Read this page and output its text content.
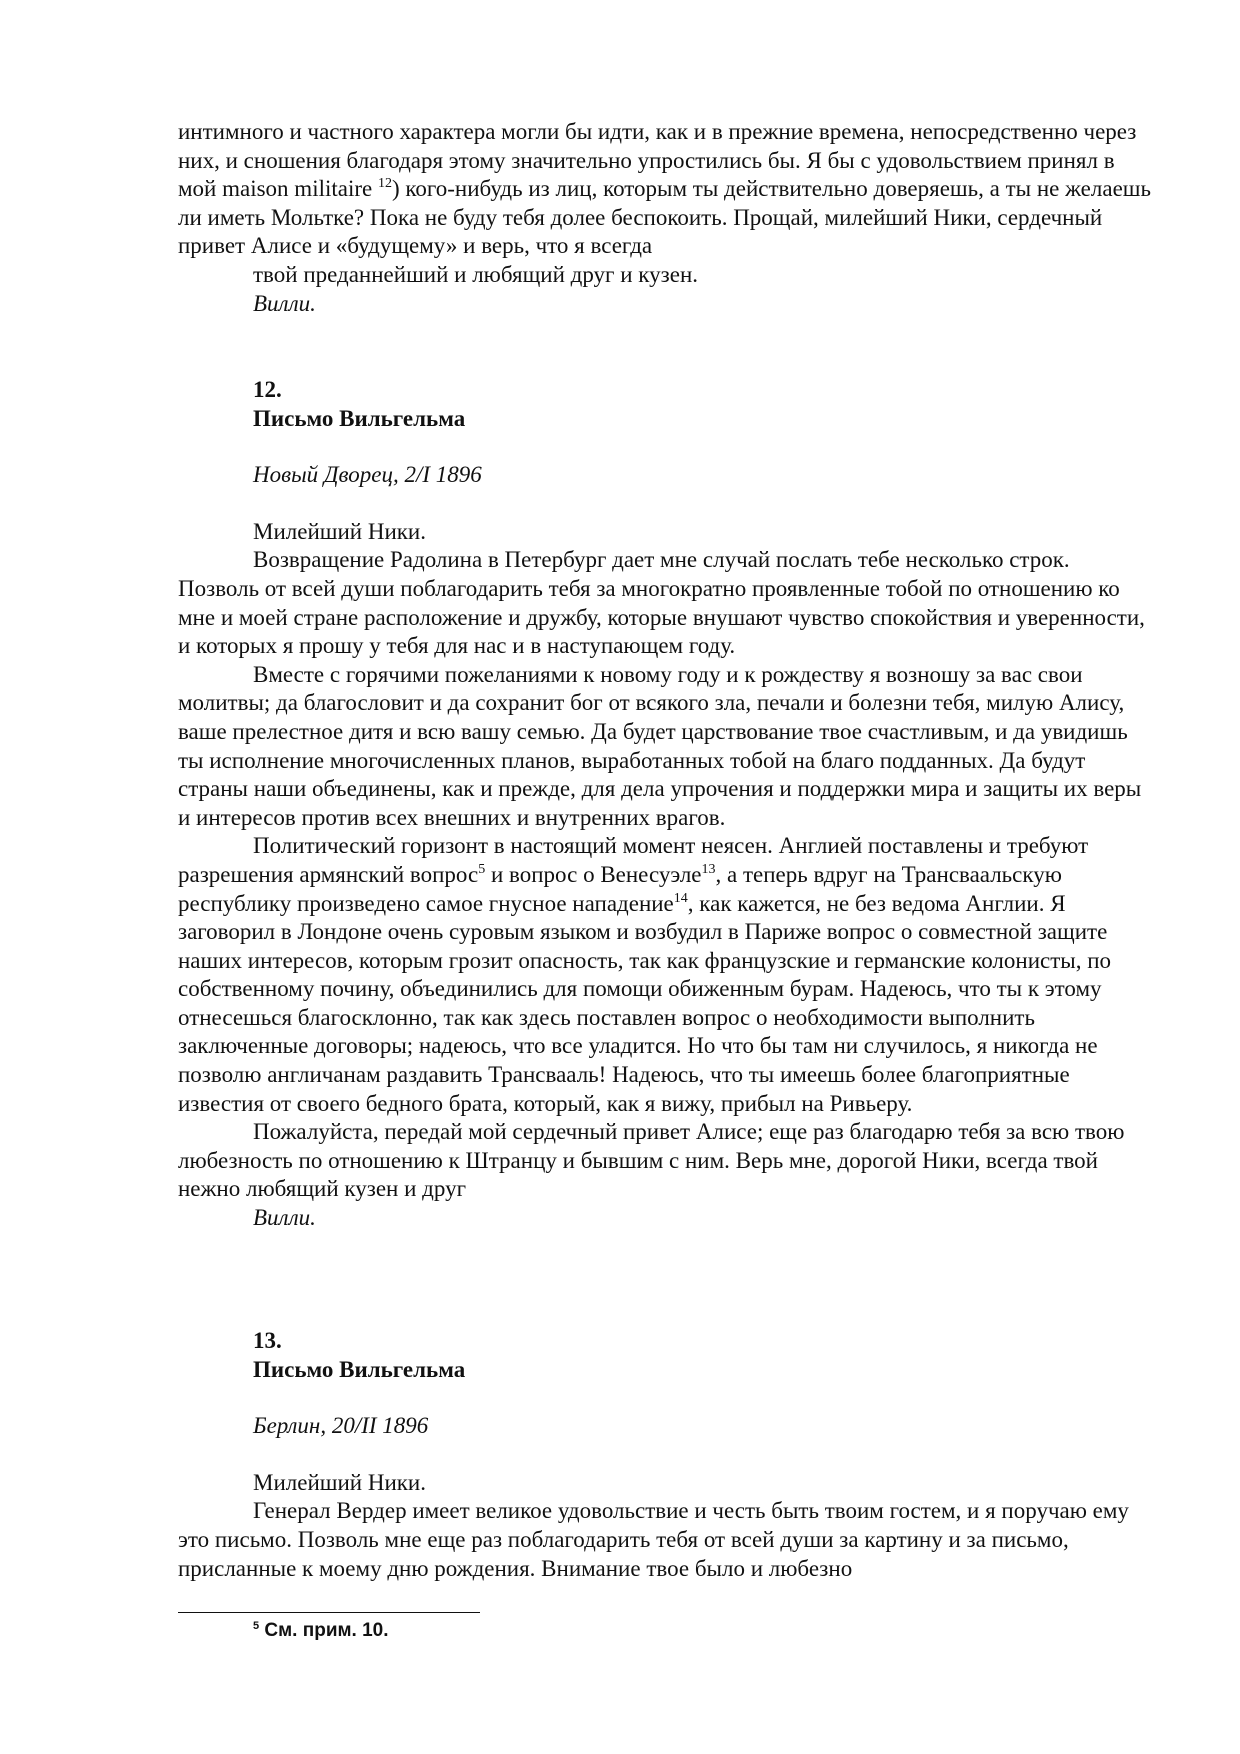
интимного и частного характера могли бы идти, как и в прежние времена, непосредственно через них, и сношения благодаря этому значительно упростились бы. Я бы с удовольствием принял в мой maison militaire $^{12}$) кого-нибудь из лиц, которым ты действительно доверяешь, а ты не желаешь ли иметь Мольтке? Пока не буду тебя долее беспокоить. Прощай, милейший Ники, сердечный привет Алисе и «будущему» и верь, что я всегда

твой преданнейший и любящий друг и кузен.

Вилли.

12.

Письмо Вильгельма

Новый Дворец, 2/I 1896

Милейший Ники.

Возвращение Радолина в Петербург дает мне случай послать тебе несколько строк. Позволь от всей души поблагодарить тебя за многократно проявленные тобой по отношению ко мне и моей стране расположение и дружбу, которые внушают чувство спокойствия и уверенности, и которых я прошу у тебя для нас и в наступающем году.

Вместе с горячими пожеланиями к новому году и к рождеству я возношу за вас свои молитвы; да благословит и да сохранит бог от всякого зла, печали и болезни тебя, милую Алису, ваше прелестное дитя и всю вашу семью. Да будет царствование твое счастливым, и да увидишь ты исполнение многочисленных планов, выработанных тобой на благо подданных. Да будут страны наши объединены, как и прежде, для дела упрочения и поддержки мира и защиты их веры и интересов против всех внешних и внутренних врагов.

Политический горизонт в настоящий момент неясен. Англией поставлены и требуют разрешения армянский вопрос$^5$ и вопрос о Венесуэле$^{13}$, а теперь вдруг на Трансваальскую республику произведено самое гнусное нападение$^{14}$, как кажется, не без ведома Англии. Я заговорил в Лондоне очень суровым языком и возбудил в Париже вопрос о совместной защите наших интересов, которым грозит опасность, так как французские и германские колонисты, по собственному почину, объединились для помощи обиженным бурам. Надеюсь, что ты к этому отнесешься благосклонно, так как здесь поставлен вопрос о необходимости выполнить заключенные договоры; надеюсь, что все уладится. Но что бы там ни случилось, я никогда не позволю англичанам раздавить Трансвааль! Надеюсь, что ты имеешь более благоприятные известия от своего бедного брата, который, как я вижу, прибыл на Ривьеру.

Пожалуйста, передай мой сердечный привет Алисе; еще раз благодарю тебя за всю твою любезность по отношению к Штранцу и бывшим с ним. Верь мне, дорогой Ники, всегда твой нежно любящий кузен и друг

Вилли.

13.

Письмо Вильгельма

Берлин, 20/II 1896

Милейший Ники.

Генерал Вердер имеет великое удовольствие и честь быть твоим гостем, и я поручаю ему это письмо. Позволь мне еще раз поблагодарить тебя от всей души за картину и за письмо, присланные к моему дню рождения. Внимание твое было и любезно

$^5$ См. прим. 10.
